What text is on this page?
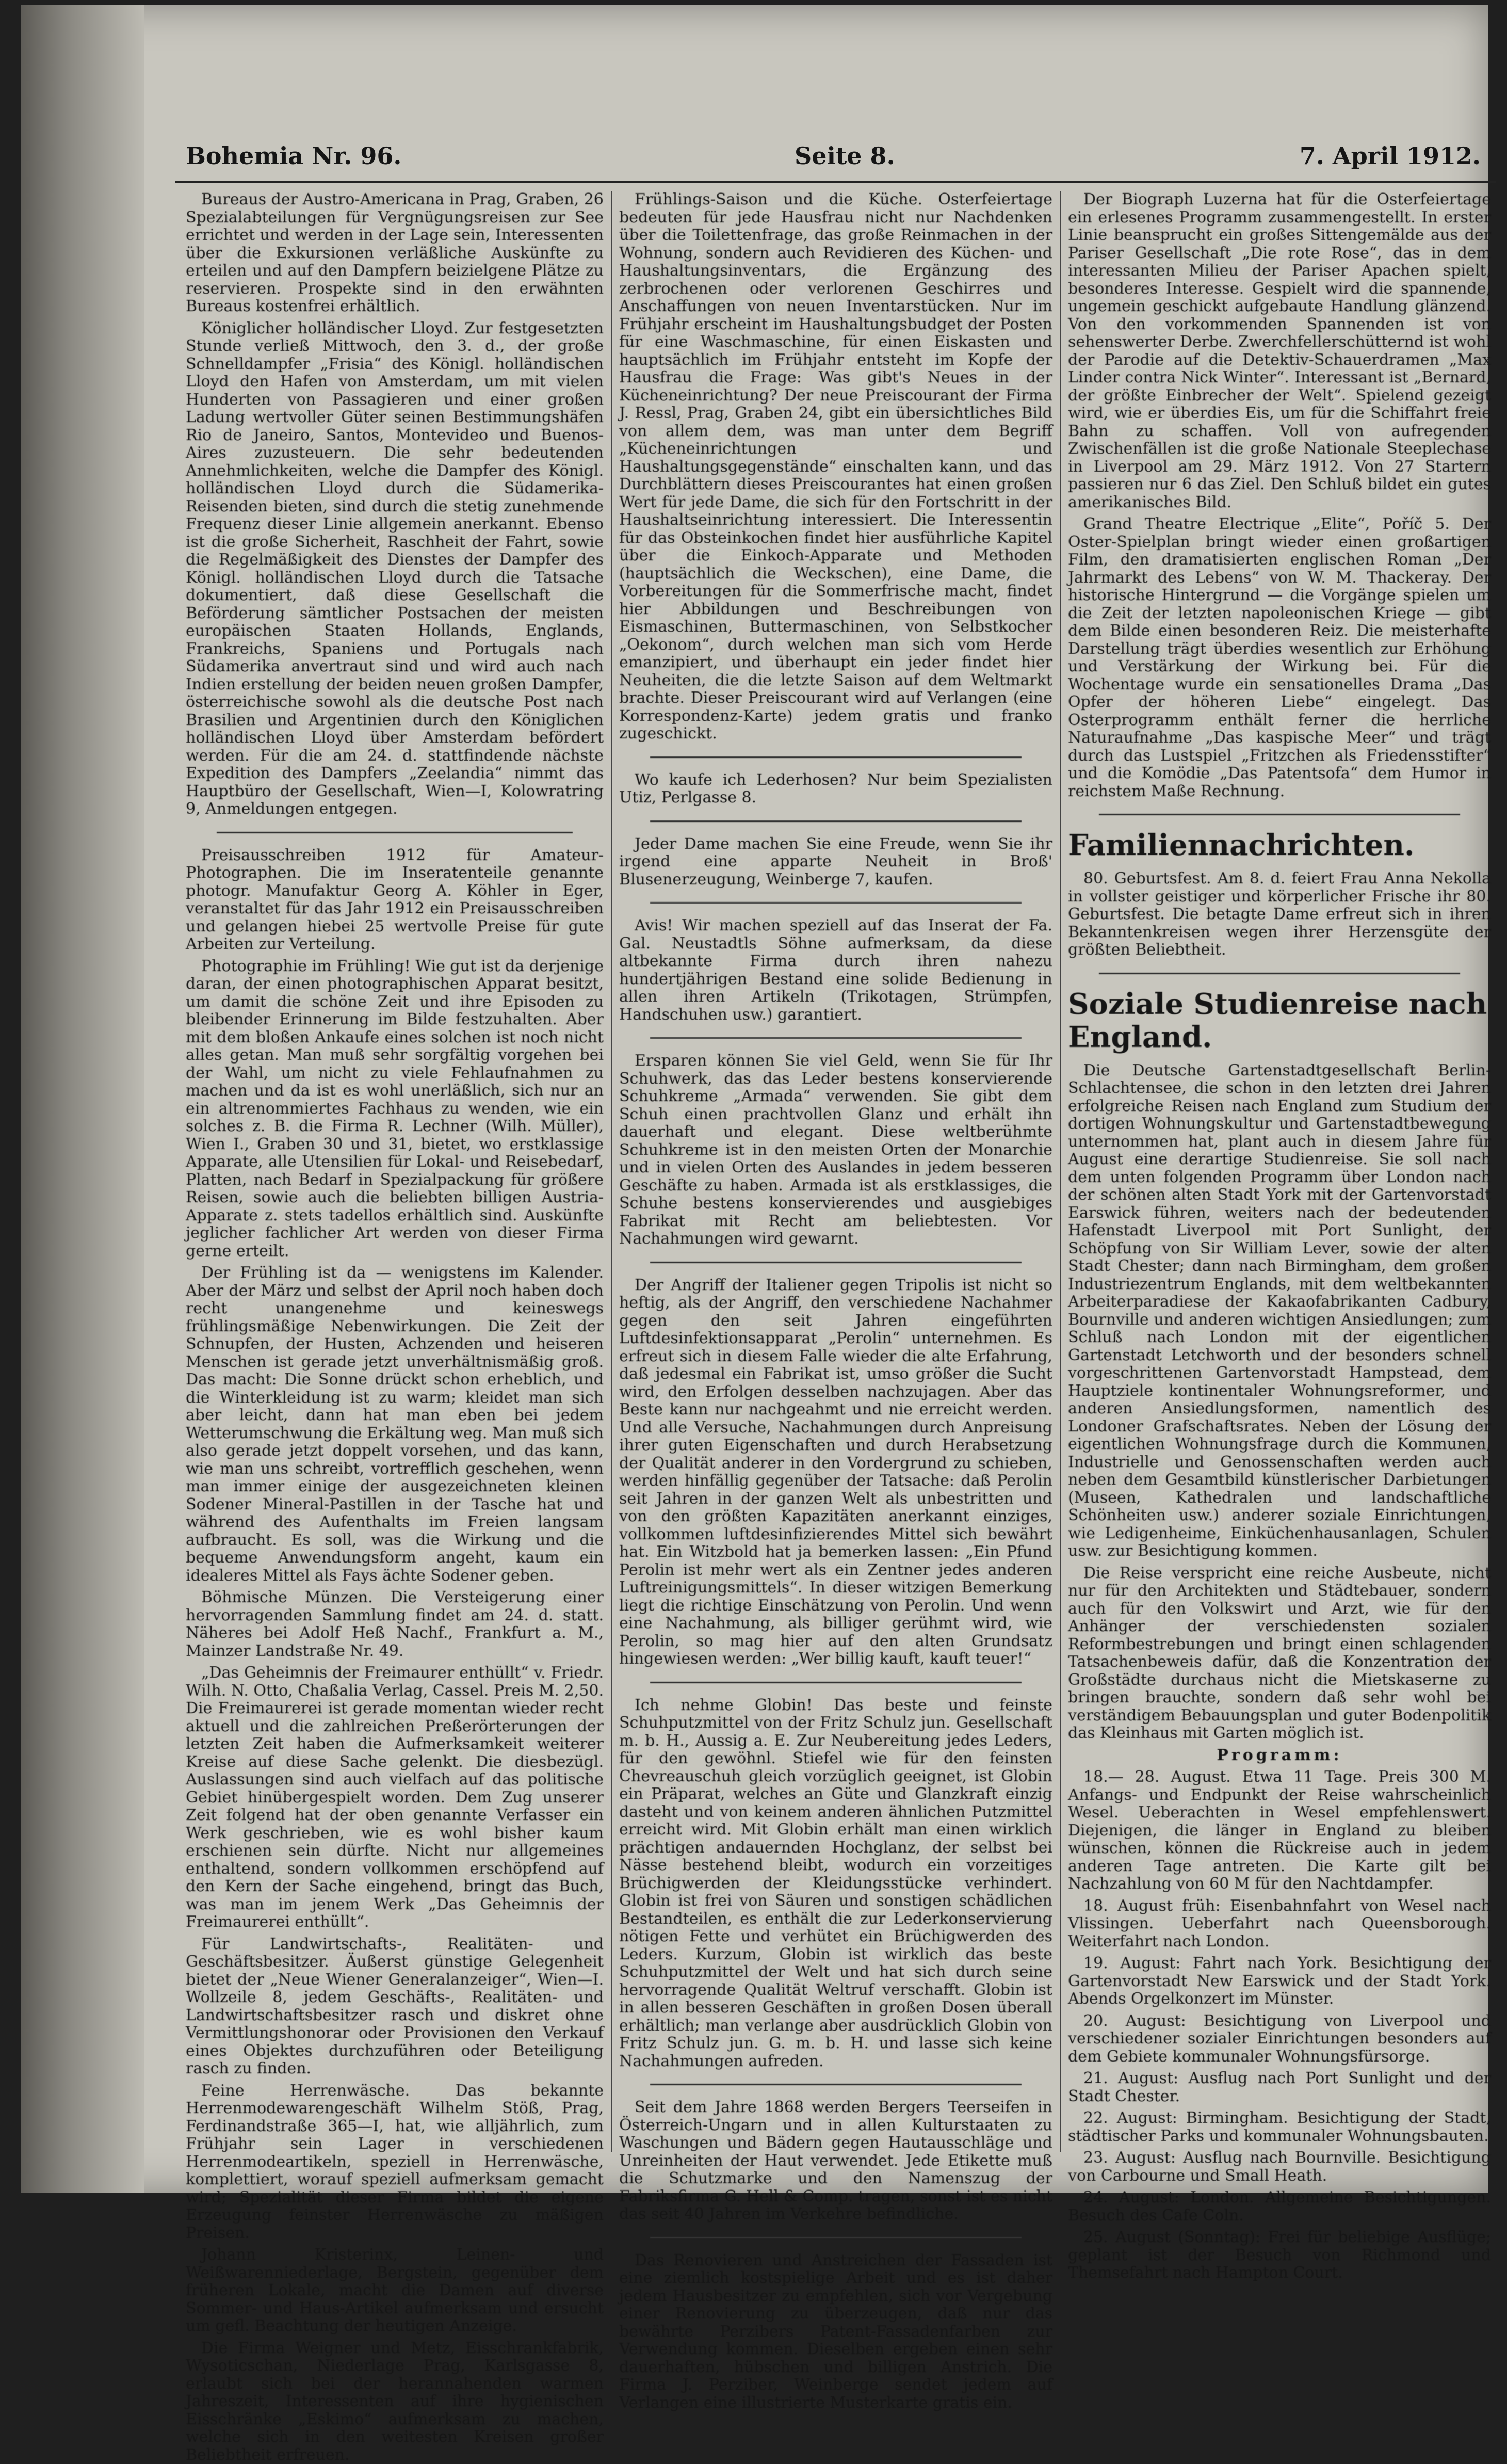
Bohemia Nr. 96.	Seite 8.	7. April 1912.

Bureaus der Austro-Americana in Prag, Graben, 26 Spezialabteilungen für Vergnügungsreisen zur See errichtet und werden in der Lage sein, Interessenten über die Exkursionen verläßliche Auskünfte zu erteilen und auf den Dampfern beizielgene Plätze zu reservieren. Prospekte sind in den erwähnten Bureaus kostenfrei erhältlich.

Königlicher holländischer Lloyd. Zur festgesetzten Stunde verließ Mittwoch, den 3. d., der große Schnelldampfer „Frisia“ des Königl. holländischen Lloyd den Hafen von Amsterdam, um mit vielen Hunderten von Passagieren und einer großen Ladung wertvoller Güter seinen Bestimmungshäfen Rio de Janeiro, Santos, Montevideo und Buenos-Aires zuzusteuern. Die sehr bedeutenden Annehmlichkeiten, welche die Dampfer des Königl. holländischen Lloyd durch die Südamerika-Reisenden bieten, sind durch die stetig zunehmende Frequenz dieser Linie allgemein anerkannt. Ebenso ist die große Sicherheit, Raschheit der Fahrt, sowie die Regelmäßigkeit des Dienstes der Dampfer des Königl. holländischen Lloyd durch die Tatsache dokumentiert, daß diese Gesellschaft die Beförderung sämtlicher Postsachen der meisten europäischen Staaten Hollands, Englands, Frankreichs, Spaniens und Portugals nach Südamerika anvertraut sind und wird auch nach Indien erstellung der beiden neuen großen Dampfer, österreichische sowohl als die deutsche Post nach Brasilien und Argentinien durch den Königlichen holländischen Lloyd über Amsterdam befördert werden. Für die am 24. d. stattfindende nächste Expedition des Dampfers „Zeelandia“ nimmt das Hauptbüro der Gesellschaft, Wien—I, Kolowratring 9, Anmeldungen entgegen.

Preisausschreiben 1912 für Amateur-Photographen. Die im Inseratenteile genannte photogr. Manufaktur Georg A. Köhler in Eger, veranstaltet für das Jahr 1912 ein Preisausschreiben und gelangen hiebei 25 wertvolle Preise für gute Arbeiten zur Verteilung.

Photographie im Frühling! Wie gut ist da derjenige daran, der einen photographischen Apparat besitzt, um damit die schöne Zeit und ihre Episoden zu bleibender Erinnerung im Bilde festzuhalten. Aber mit dem bloßen Ankaufe eines solchen ist noch nicht alles getan. Man muß sehr sorgfältig vorgehen bei der Wahl, um nicht zu viele Fehlaufnahmen zu machen und da ist es wohl unerläßlich, sich nur an ein altrenommiertes Fachhaus zu wenden, wie ein solches z. B. die Firma R. Lechner (Wilh. Müller), Wien I., Graben 30 und 31, bietet, wo erstklassige Apparate, alle Utensilien für Lokal- und Reisebedarf, Platten, nach Bedarf in Spezialpackung für größere Reisen, sowie auch die beliebten billigen Austria-Apparate z. stets tadellos erhältlich sind. Auskünfte jeglicher fachlicher Art werden von dieser Firma gerne erteilt.

Der Frühling ist da — wenigstens im Kalender. Aber der März und selbst der April noch haben doch recht unangenehme und keineswegs frühlingsmäßige Nebenwirkungen. Die Zeit der Schnupfen, der Husten, Achzenden und heiseren Menschen ist gerade jetzt unverhältnismäßig groß. Das macht: Die Sonne drückt schon erheblich, und die Winterkleidung ist zu warm; kleidet man sich aber leicht, dann hat man eben bei jedem Wetterumschwung die Erkältung weg. Man muß sich also gerade jetzt doppelt vorsehen, und das kann, wie man uns schreibt, vortrefflich geschehen, wenn man immer einige der ausgezeichneten kleinen Sodener Mineral-Pastillen in der Tasche hat und während des Aufenthalts im Freien langsam aufbraucht. Es soll, was die Wirkung und die bequeme Anwendungsform angeht, kaum ein idealeres Mittel als Fays ächte Sodener geben.

Böhmische Münzen. Die Versteigerung einer hervorragenden Sammlung findet am 24. d. statt. Näheres bei Adolf Heß Nachf., Frankfurt a. M., Mainzer Landstraße Nr. 49.

„Das Geheimnis der Freimaurer enthüllt“ v. Friedr. Wilh. N. Otto, Chaßalia Verlag, Cassel. Preis M. 2,50. Die Freimaurerei ist gerade momentan wieder recht aktuell und die zahlreichen Preßerörterungen der letzten Zeit haben die Aufmerksamkeit weiterer Kreise auf diese Sache gelenkt. Die diesbezügl. Auslassungen sind auch vielfach auf das politische Gebiet hinübergespielt worden. Dem Zug unserer Zeit folgend hat der oben genannte Verfasser ein Werk geschrieben, wie es wohl bisher kaum erschienen sein dürfte. Nicht nur allgemeines enthaltend, sondern vollkommen erschöpfend auf den Kern der Sache eingehend, bringt das Buch, was man im jenem Werk „Das Geheimnis der Freimaurerei enthüllt“.

Für Landwirtschafts-, Realitäten- und Geschäftsbesitzer. Äußerst günstige Gelegenheit bietet der „Neue Wiener Generalanzeiger“, Wien—I. Wollzeile 8, jedem Geschäfts-, Realitäten- und Landwirtschaftsbesitzer rasch und diskret ohne Vermittlungshonorar oder Provisionen den Verkauf eines Objektes durchzuführen oder Beteiligung rasch zu finden.

Feine Herrenwäsche. Das bekannte Herrenmodewarengeschäft Wilhelm Stöß, Prag, Ferdinandstraße 365—I, hat, wie alljährlich, zum Frühjahr sein Lager in verschiedenen Herrenmodeartikeln, speziell in Herrenwäsche, komplettiert, worauf speziell aufmerksam gemacht wird; Spezialität dieser Firma bildet die eigene Erzeugung feinster Herrenwäsche zu mäßigen Preisen.

Johann Kristerinx, Leinen- und Weißwarenniederlage, Bergstein, gegenüber dem früheren Lokale, macht die Damen auf diverse Sommer- und Haus-Artikel aufmerksam und ersucht um gefl. Beachtung der heutigen Anzeige.

Die Firma Weigner und Metz, Eisschrankfabrik, Wysoticschan, Niederlage Prag, Karlsgasse 8, erlaubt sich bei der herannahenden warmen Jahreszeit, Interessenten auf ihre hygienischen Eisschränke „Eskimo“ aufmerksam zu machen, welche sich in den weitesten Kreisen großer Beliebtheit erfreuen.

Frühlings-Saison und die Küche. Osterfeiertage bedeuten für jede Hausfrau nicht nur Nachdenken über die Toilettenfrage, das große Reinmachen in der Wohnung, sondern auch Revidieren des Küchen- und Haushaltungsinventars, die Ergänzung des zerbrochenen oder verlorenen Geschirres und Anschaffungen von neuen Inventarstücken. Nur im Frühjahr erscheint im Haushaltungsbudget der Posten für eine Waschmaschine, für einen Eiskasten und hauptsächlich im Frühjahr entsteht im Kopfe der Hausfrau die Frage: Was gibt's Neues in der Kücheneinrichtung? Der neue Preiscourant der Firma J. Ressl, Prag, Graben 24, gibt ein übersichtliches Bild von allem dem, was man unter dem Begriff „Kücheneinrichtungen und Haushaltungsgegenstände“ einschalten kann, und das Durchblättern dieses Preiscourantes hat einen großen Wert für jede Dame, die sich für den Fortschritt in der Haushaltseinrichtung interessiert. Die Interessentin für das Obsteinkochen findet hier ausführliche Kapitel über die Einkoch-Apparate und Methoden (hauptsächlich die Weckschen), eine Dame, die Vorbereitungen für die Sommerfrische macht, findet hier Abbildungen und Beschreibungen von Eismaschinen, Buttermaschinen, von Selbstkocher „Oekonom“, durch welchen man sich vom Herde emanzipiert, und überhaupt ein jeder findet hier Neuheiten, die die letzte Saison auf dem Weltmarkt brachte. Dieser Preiscourant wird auf Verlangen (eine Korrespondenz-Karte) jedem gratis und franko zugeschickt.

Wo kaufe ich Lederhosen? Nur beim Spezialisten Utiz, Perlgasse 8.

Jeder Dame machen Sie eine Freude, wenn Sie ihr irgend eine apparte Neuheit in Broß' Blusenerzeugung, Weinberge 7, kaufen.

Avis! Wir machen speziell auf das Inserat der Fa. Gal. Neustadtls Söhne aufmerksam, da diese altbekannte Firma durch ihren nahezu hundertjährigen Bestand eine solide Bedienung in allen ihren Artikeln (Trikotagen, Strümpfen, Handschuhen usw.) garantiert.

Ersparen können Sie viel Geld, wenn Sie für Ihr Schuhwerk, das das Leder bestens konservierende Schuhkreme „Armada“ verwenden. Sie gibt dem Schuh einen prachtvollen Glanz und erhält ihn dauerhaft und elegant. Diese weltberühmte Schuhkreme ist in den meisten Orten der Monarchie und in vielen Orten des Auslandes in jedem besseren Geschäfte zu haben. Armada ist als erstklassiges, die Schuhe bestens konservierendes und ausgiebiges Fabrikat mit Recht am beliebtesten. Vor Nachahmungen wird gewarnt.

Der Angriff der Italiener gegen Tripolis ist nicht so heftig, als der Angriff, den verschiedene Nachahmer gegen den seit Jahren eingeführten Luftdesinfektionsapparat „Perolin“ unternehmen. Es erfreut sich in diesem Falle wieder die alte Erfahrung, daß jedesmal ein Fabrikat ist, umso größer die Sucht wird, den Erfolgen desselben nachzujagen. Aber das Beste kann nur nachgeahmt und nie erreicht werden. Und alle Versuche, Nachahmungen durch Anpreisung ihrer guten Eigenschaften und durch Herabsetzung der Qualität anderer in den Vordergrund zu schieben, werden hinfällig gegenüber der Tatsache: daß Perolin seit Jahren in der ganzen Welt als unbestritten und von den größten Kapazitäten anerkannt einziges, vollkommen luftdesinfizierendes Mittel sich bewährt hat. Ein Witzbold hat ja bemerken lassen: „Ein Pfund Perolin ist mehr wert als ein Zentner jedes anderen Luftreinigungsmittels“. In dieser witzigen Bemerkung liegt die richtige Einschätzung von Perolin. Und wenn eine Nachahmung, als billiger gerühmt wird, wie Perolin, so mag hier auf den alten Grundsatz hingewiesen werden: „Wer billig kauft, kauft teuer!“

Ich nehme Globin! Das beste und feinste Schuhputzmittel von der Fritz Schulz jun. Gesellschaft m. b. H., Aussig a. E. Zur Neubereitung jedes Leders, für den gewöhnl. Stiefel wie für den feinsten Chevreauschuh gleich vorzüglich geeignet, ist Globin ein Präparat, welches an Güte und Glanzkraft einzig dasteht und von keinem anderen ähnlichen Putzmittel erreicht wird. Mit Globin erhält man einen wirklich prächtigen andauernden Hochglanz, der selbst bei Nässe bestehend bleibt, wodurch ein vorzeitiges Brüchigwerden der Kleidungsstücke verhindert. Globin ist frei von Säuren und sonstigen schädlichen Bestandteilen, es enthält die zur Lederkonservierung nötigen Fette und verhütet ein Brüchigwerden des Leders. Kurzum, Globin ist wirklich das beste Schuhputzmittel der Welt und hat sich durch seine hervorragende Qualität Weltruf verschafft. Globin ist in allen besseren Geschäften in großen Dosen überall erhältlich; man verlange aber ausdrücklich Globin von Fritz Schulz jun. G. m. b. H. und lasse sich keine Nachahmungen aufreden.

Seit dem Jahre 1868 werden Bergers Teerseifen in Österreich-Ungarn und in allen Kulturstaaten zu Waschungen und Bädern gegen Hautausschläge und Unreinheiten der Haut verwendet. Jede Etikette muß die Schutzmarke und den Namenszug der Fabriksfirma G. Hell & Comp. tragen, sonst ist es nicht das seit 40 Jahren im Verkehre befindliche.

Das Renovieren und Anstreichen der Fassaden ist eine ziemlich kostspielige Arbeit und es ist daher jedem Hausbesitzer zu empfehlen, sich vor Vergebung einer Renovierung zu überzeugen, daß nur das bewährte Perzibers Patent-Fassadenfarben zur Verwendung kommen. Dieselben ergeben einen sehr dauerhaften, hübschen und billigen Anstrich. Die Firma J. Perziber, Weinberge sendet jedem auf Verlangen eine illustrierte Musterkarte gratis ein.

Der Biograph Luzerna hat für die Osterfeiertage ein erlesenes Programm zusammengestellt. In erster Linie beansprucht ein großes Sittengemälde aus der Pariser Gesellschaft „Die rote Rose“, das in dem interessanten Milieu der Pariser Apachen spielt, besonderes Interesse. Gespielt wird die spannende, ungemein geschickt aufgebaute Handlung glänzend. Von den vorkommenden Spannenden ist von sehenswerter Derbe. Zwerchfellerschütternd ist wohl der Parodie auf die Detektiv-Schauerdramen „Max Linder contra Nick Winter“. Interessant ist „Bernard, der größte Einbrecher der Welt“. Spielend gezeigt wird, wie er überdies Eis, um für die Schiffahrt freie Bahn zu schaffen. Voll von aufregenden Zwischenfällen ist die große Nationale Steeplechase in Liverpool am 29. März 1912. Von 27 Startern passieren nur 6 das Ziel. Den Schluß bildet ein gutes amerikanisches Bild.

Grand Theatre Electrique „Elite“, Poříč 5. Der Oster-Spielplan bringt wieder einen großartigen Film, den dramatisierten englischen Roman „Der Jahrmarkt des Lebens“ von W. M. Thackeray. Der historische Hintergrund — die Vorgänge spielen um die Zeit der letzten napoleonischen Kriege — gibt dem Bilde einen besonderen Reiz. Die meisterhafte Darstellung trägt überdies wesentlich zur Erhöhung und Verstärkung der Wirkung bei. Für die Wochentage wurde ein sensationelles Drama „Das Opfer der höheren Liebe“ eingelegt. Das Osterprogramm enthält ferner die herrliche Naturaufnahme „Das kaspische Meer“ und trägt durch das Lustspiel „Fritzchen als Friedensstifter“ und die Komödie „Das Patentsofa“ dem Humor in reichstem Maße Rechnung.

Familiennachrichten.

80. Geburtsfest. Am 8. d. feiert Frau Anna Nekolla in vollster geistiger und körperlicher Frische ihr 80. Geburtsfest. Die betagte Dame erfreut sich in ihren Bekanntenkreisen wegen ihrer Herzensgüte der größten Beliebtheit.

Soziale Studienreise nach England.

Die Deutsche Gartenstadtgesellschaft Berlin-Schlachtensee, die schon in den letzten drei Jahren erfolgreiche Reisen nach England zum Studium der dortigen Wohnungskultur und Gartenstadtbewegung unternommen hat, plant auch in diesem Jahre für August eine derartige Studienreise. Sie soll nach dem unten folgenden Programm über London nach der schönen alten Stadt York mit der Gartenvorstadt Earswick führen, weiters nach der bedeutenden Hafenstadt Liverpool mit Port Sunlight, der Schöpfung von Sir William Lever, sowie der alten Stadt Chester; dann nach Birmingham, dem großen Industriezentrum Englands, mit dem weltbekannten Arbeiterparadiese der Kakaofabrikanten Cadbury, Bournville und anderen wichtigen Ansiedlungen; zum Schluß nach London mit der eigentlichen Gartenstadt Letchworth und der besonders schnell vorgeschrittenen Gartenvorstadt Hampstead, dem Hauptziele kontinentaler Wohnungsreformer, und anderen Ansiedlungsformen, namentlich des Londoner Grafschaftsrates. Neben der Lösung der eigentlichen Wohnungsfrage durch die Kommunen, Industrielle und Genossenschaften werden auch neben dem Gesamtbild künstlerischer Darbietungen (Museen, Kathedralen und landschaftliche Schönheiten usw.) anderer soziale Einrichtungen, wie Ledigenheime, Einküchenhausanlagen, Schulen usw. zur Besichtigung kommen.

Die Reise verspricht eine reiche Ausbeute, nicht nur für den Architekten und Städtebauer, sondern auch für den Volkswirt und Arzt, wie für den Anhänger der verschiedensten sozialen Reformbestrebungen und bringt einen schlagenden Tatsachenbeweis dafür, daß die Konzentration der Großstädte durchaus nicht die Mietskaserne zu bringen brauchte, sondern daß sehr wohl bei verständigem Bebauungsplan und guter Bodenpolitik das Kleinhaus mit Garten möglich ist.

Programm:

18.— 28. August. Etwa 11 Tage. Preis 300 M. Anfangs- und Endpunkt der Reise wahrscheinlich Wesel. Ueberachten in Wesel empfehlenswert. Diejenigen, die länger in England zu bleiben wünschen, können die Rückreise auch in jedem anderen Tage antreten. Die Karte gilt bei Nachzahlung von 60 M für den Nachtdampfer.

18. August früh: Eisenbahnfahrt von Wesel nach Vlissingen. Ueberfahrt nach Queensborough. Weiterfahrt nach London.

19. August: Fahrt nach York. Besichtigung der Gartenvorstadt New Earswick und der Stadt York. Abends Orgelkonzert im Münster.

20. August: Besichtigung von Liverpool und verschiedener sozialer Einrichtungen besonders auf dem Gebiete kommunaler Wohnungsfürsorge.

21. August: Ausflug nach Port Sunlight und der Stadt Chester.

22. August: Birmingham. Besichtigung der Stadt, städtischer Parks und kommunaler Wohnungsbauten.

23. August: Ausflug nach Bournville. Besichtigung von Carbourne und Small Heath.

24. August: London. Allgemeine Besichtigungen. Besuch des Cafe Coln.

25. August (Sonntag): Frei für beliebige Ausflüge; geplant ist der Besuch von Richmond und Themsefahrt nach Hampton Court.
